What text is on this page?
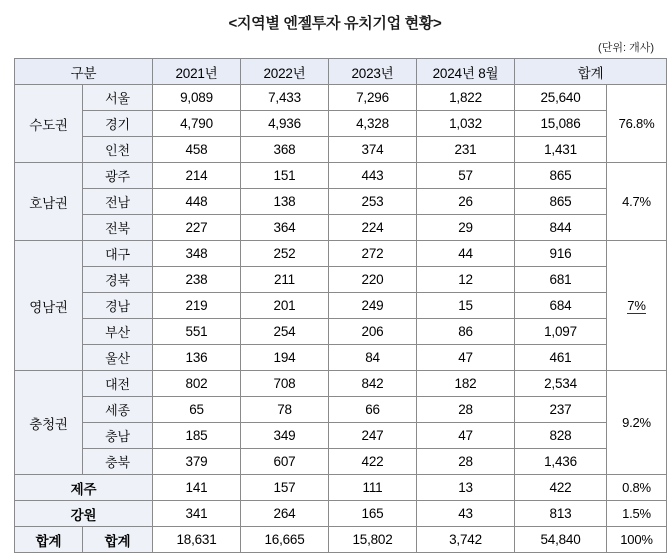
<지역별 엔젤투자 유치기업 현황>
(단위: 개사)
구분		2021년	2022년	2023년	2024년 8월	합계	
수도권	서울	9,089	7,433	7,296	1,822	25,640	76.8%
	경기	4,790	4,936	4,328	1,032	15,086	
	인천	458	368	374	231	1,431	
호남권	광주	214	151	443	57	865	4.7%
	전남	448	138	253	26	865	
	전북	227	364	224	29	844	
영남권	대구	348	252	272	44	916	7%
	경북	238	211	220	12	681	
	경남	219	201	249	15	684	
	부산	551	254	206	86	1,097	
	울산	136	194	84	47	461	
충청권	대전	802	708	842	182	2,534	9.2%
	세종	65	78	66	28	237	
	충남	185	349	247	47	828	
	충북	379	607	422	28	1,436	
제주		141	157	111	13	422	0.8%
강원		341	264	165	43	813	1.5%
합계	합계	18,631	16,665	15,802	3,742	54,840	100%
